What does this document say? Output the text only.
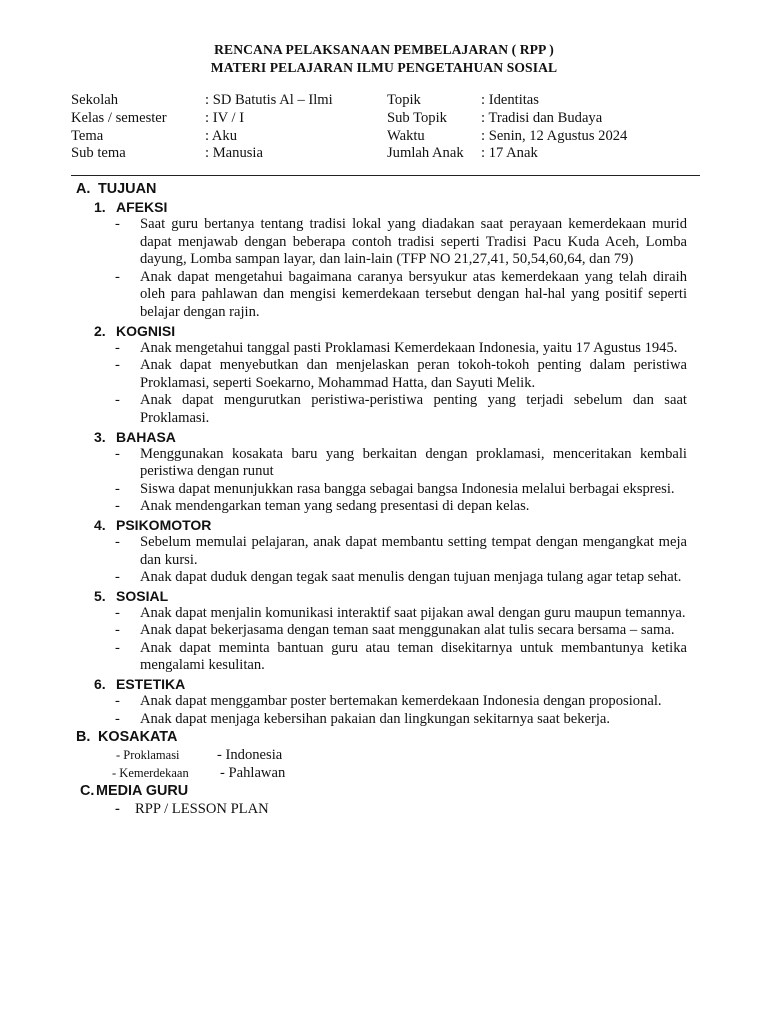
RENCANA PELAKSANAAN PEMBELAJARAN ( RPP )
MATERI PELAJARAN ILMU PENGETAHUAN SOSIAL
Sekolah	: SD Batutis Al – Ilmi	Topik	: Identitas
Kelas / semester	: IV / I	Sub Topik : Tradisi dan Budaya
Tema	: Aku	Waktu	: Senin, 12 Agustus 2024
Sub tema	: Manusia	Jumlah Anak : 17 Anak
A. TUJUAN
1. AFEKSI
- Saat guru bertanya tentang tradisi lokal yang diadakan saat perayaan kemerdekaan murid dapat menjawab dengan beberapa contoh tradisi seperti Tradisi Pacu Kuda Aceh, Lomba dayung, Lomba sampan layar, dan lain-lain (TFP NO 21,27,41, 50,54,60,64, dan 79)
- Anak dapat mengetahui bagaimana caranya bersyukur atas kemerdekaan yang telah diraih oleh para pahlawan dan mengisi kemerdekaan tersebut dengan hal-hal yang positif seperti belajar dengan rajin.
2. KOGNISI
- Anak mengetahui tanggal pasti Proklamasi Kemerdekaan Indonesia, yaitu 17 Agustus 1945.
- Anak dapat menyebutkan dan menjelaskan peran tokoh-tokoh penting dalam peristiwa Proklamasi, seperti Soekarno, Mohammad Hatta, dan Sayuti Melik.
- Anak dapat mengurutkan peristiwa-peristiwa penting yang terjadi sebelum dan saat Proklamasi.
3. BAHASA
- Menggunakan kosakata baru yang berkaitan dengan proklamasi, menceritakan kembali peristiwa dengan runut
- Siswa dapat menunjukkan rasa bangga sebagai bangsa Indonesia melalui berbagai ekspresi.
- Anak mendengarkan teman yang sedang presentasi di depan kelas.
4. PSIKOMOTOR
- Sebelum memulai pelajaran, anak dapat membantu setting tempat dengan mengangkat meja dan kursi.
- Anak dapat duduk dengan tegak saat menulis dengan tujuan menjaga tulang agar tetap sehat.
5. SOSIAL
- Anak dapat menjalin komunikasi interaktif saat pijakan awal dengan guru maupun temannya.
- Anak dapat bekerjasama dengan teman saat menggunakan alat tulis secara bersama – sama.
- Anak dapat meminta bantuan guru atau teman disekitarnya untuk membantunya ketika mengalami kesulitan.
6. ESTETIKA
- Anak dapat menggambar poster bertemakan kemerdekaan Indonesia dengan proposional.
- Anak dapat menjaga kebersihan pakaian dan lingkungan sekitarnya saat bekerja.
B. KOSAKATA
- Proklamasi	- Indonesia
- Kemerdekaan - Pahlawan
C. MEDIA GURU
- RPP / LESSON PLAN
